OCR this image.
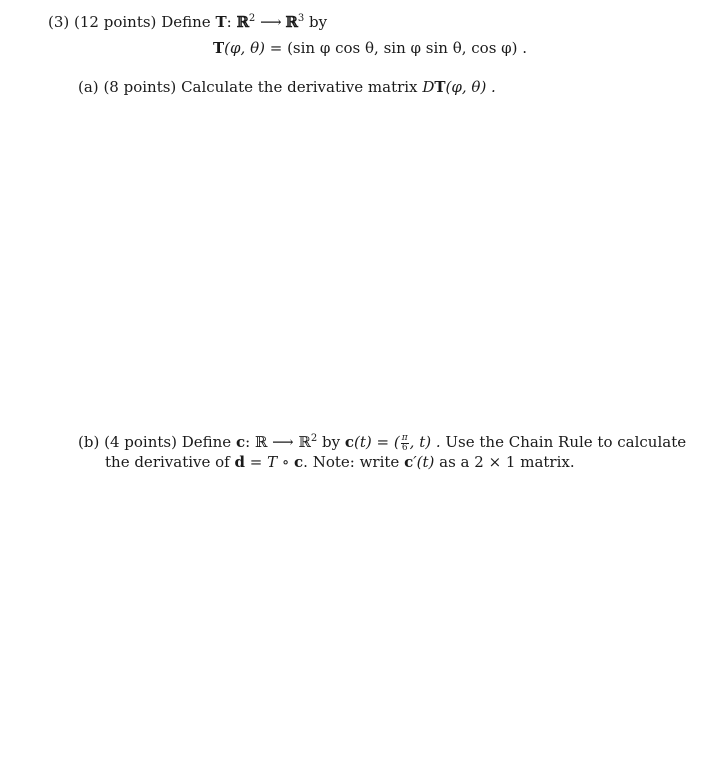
(3) (12 points) Define T: ℝ$^2$ ⟶ ℝ$^3$ by
T(φ, θ) = (sin φ cos θ, sin φ sin θ, cos φ) .
(a) (8 points) Calculate the derivative matrix DT(φ, θ) .
(b) (4 points) Define c: ℝ ⟶ ℝ$^2$ by c(t) = ( $\frac{\pi}{6}$ , t) . Use the Chain Rule to calculate
the derivative of d = T ∘ c. Note: write c′(t) as a 2 × 1 matrix.
